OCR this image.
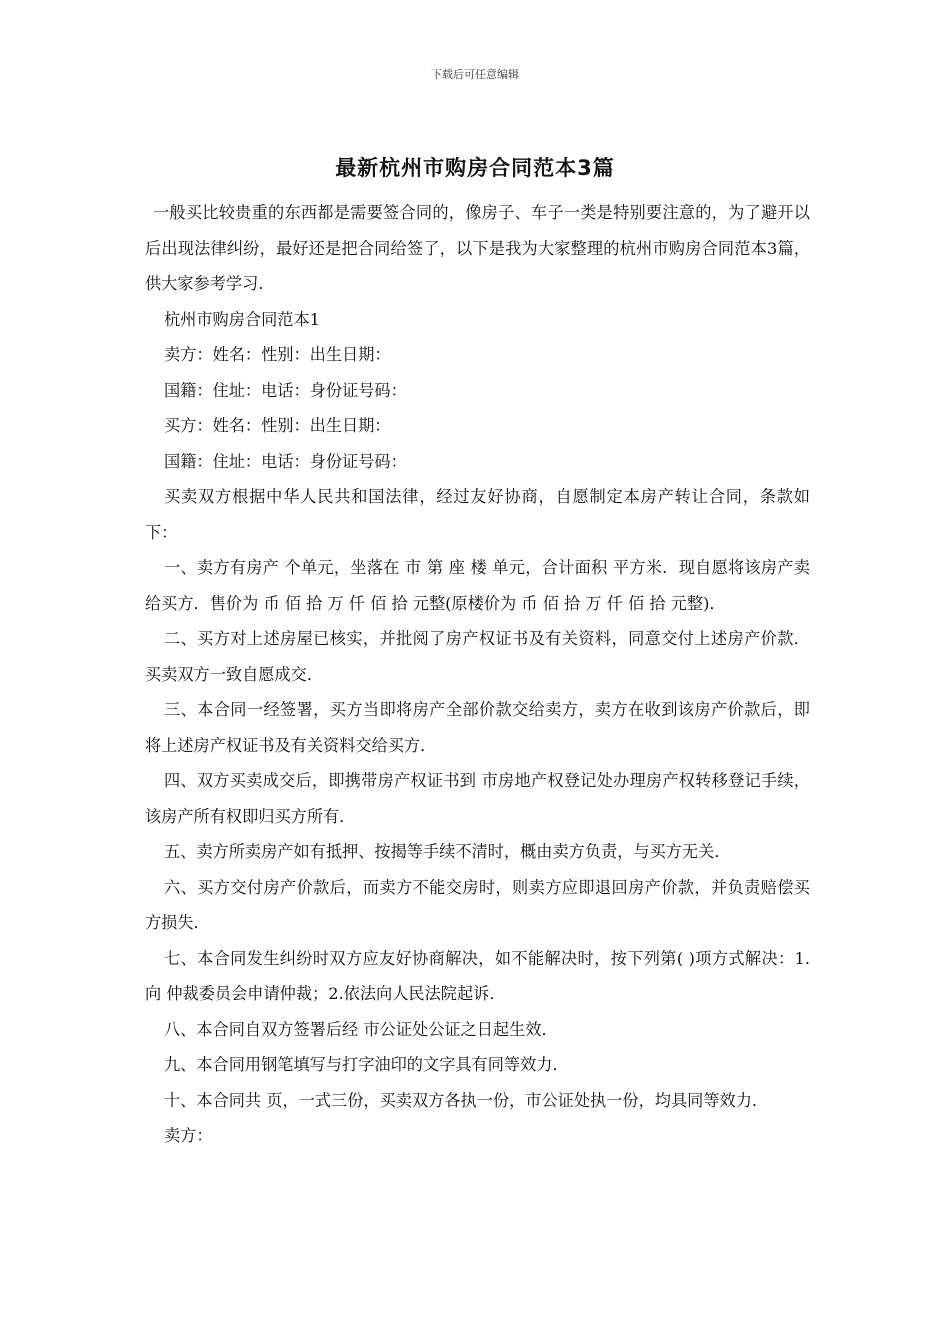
下载后可任意编辑
最新杭州市购房合同范本3篇

一般买比较贵重的东西都是需要签合同的，像房子、车子一类是特别要注意的，为了避开以后出现法律纠纷，最好还是把合同给签了，以下是我为大家整理的杭州市购房合同范本3篇，供大家参考学习.

杭州市购房合同范本1

卖方：姓名：性别：出生日期：

国籍：住址：电话：身份证号码：

买方：姓名：性别：出生日期：

国籍：住址：电话：身份证号码：

买卖双方根据中华人民共和国法律，经过友好协商，自愿制定本房产转让合同，条款如下：

一、卖方有房产 个单元，坐落在 市 第 座 楼 单元，合计面积 平方米．现自愿将该房产卖给买方．售价为 币 佰 拾 万 仟 佰 拾 元整(原楼价为 币 佰 拾 万 仟 佰 拾 元整)．

二、买方对上述房屋已核实，并批阅了房产权证书及有关资料，同意交付上述房产价款．买卖双方一致自愿成交．

三、本合同一经签署，买方当即将房产全部价款交给卖方，卖方在收到该房产价款后，即将上述房产权证书及有关资料交给买方．

四、双方买卖成交后，即携带房产权证书到 市房地产权登记处办理房产权转移登记手续，该房产所有权即归买方所有．

五、卖方所卖房产如有抵押、按揭等手续不清时，概由卖方负责，与买方无关．

六、买方交付房产价款后，而卖方不能交房时，则卖方应即退回房产价款，并负责赔偿买方损失．

七、本合同发生纠纷时双方应友好协商解决，如不能解决时，按下列第( )项方式解决：1.向 仲裁委员会申请仲裁；2.依法向人民法院起诉．

八、本合同自双方签署后经 市公证处公证之日起生效．

九、本合同用钢笔填写与打字油印的文字具有同等效力．

十、本合同共 页，一式三份，买卖双方各执一份，市公证处执一份，均具同等效力．

卖方：
